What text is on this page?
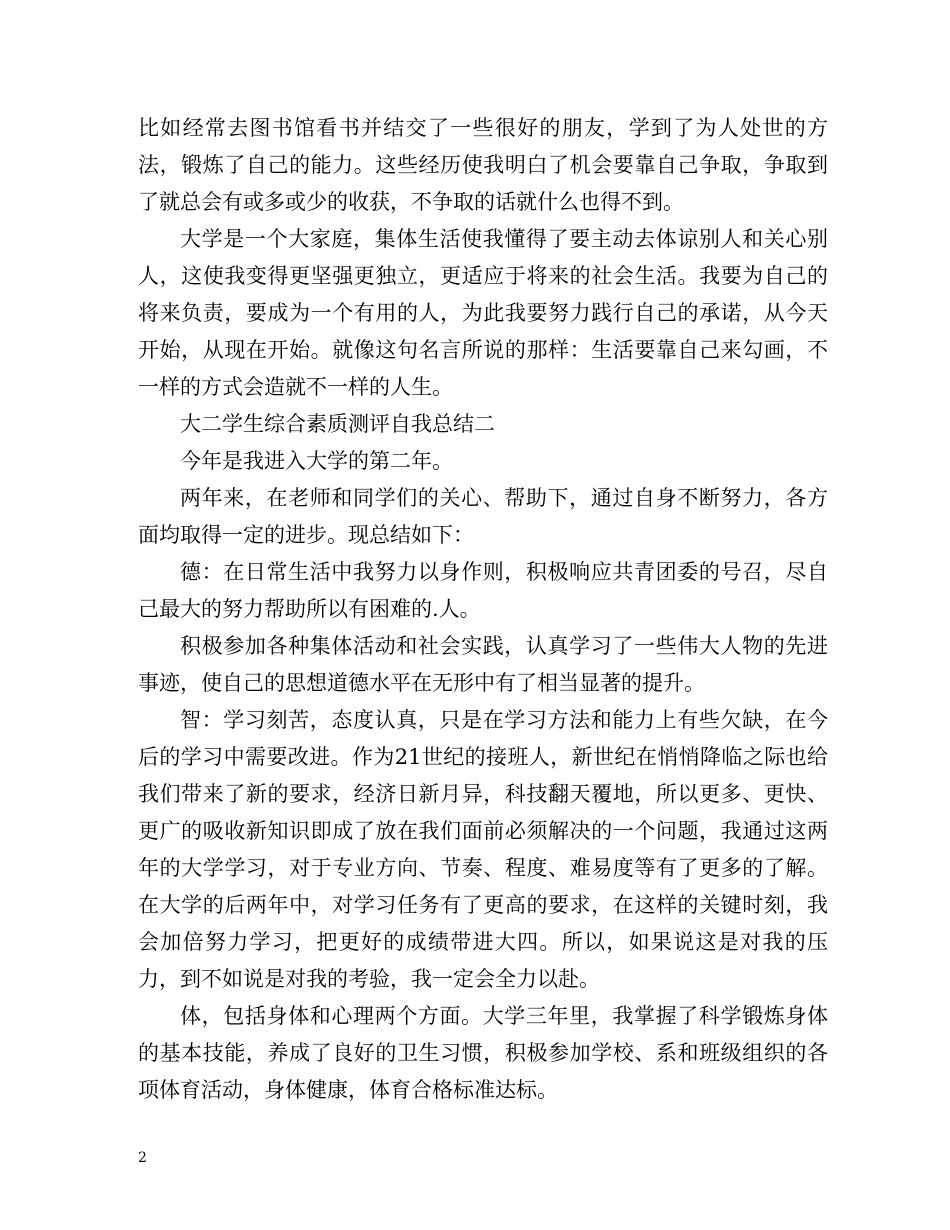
比如经常去图书馆看书并结交了一些很好的朋友，学到了为人处世的方法，锻炼了自己的能力。这些经历使我明白了机会要靠自己争取，争取到了就总会有或多或少的收获，不争取的话就什么也得不到。

大学是一个大家庭，集体生活使我懂得了要主动去体谅别人和关心别人，这使我变得更坚强更独立，更适应于将来的社会生活。我要为自己的将来负责，要成为一个有用的人，为此我要努力践行自己的承诺，从今天开始，从现在开始。就像这句名言所说的那样：生活要靠自己来勾画，不一样的方式会造就不一样的人生。

大二学生综合素质测评自我总结二

今年是我进入大学的第二年。

两年来，在老师和同学们的关心、帮助下，通过自身不断努力，各方面均取得一定的进步。现总结如下：

德：在日常生活中我努力以身作则，积极响应共青团委的号召，尽自己最大的努力帮助所以有困难的.人。

积极参加各种集体活动和社会实践，认真学习了一些伟大人物的先进事迹，使自己的思想道德水平在无形中有了相当显著的提升。

智：学习刻苦，态度认真，只是在学习方法和能力上有些欠缺，在今后的学习中需要改进。作为21世纪的接班人，新世纪在悄悄降临之际也给我们带来了新的要求，经济日新月异，科技翻天覆地，所以更多、更快、更广的吸收新知识即成了放在我们面前必须解决的一个问题，我通过这两年的大学学习，对于专业方向、节奏、程度、难易度等有了更多的了解。在大学的后两年中，对学习任务有了更高的要求，在这样的关键时刻，我会加倍努力学习，把更好的成绩带进大四。所以，如果说这是对我的压力，到不如说是对我的考验，我一定会全力以赴。

体，包括身体和心理两个方面。大学三年里，我掌握了科学锻炼身体的基本技能，养成了良好的卫生习惯，积极参加学校、系和班级组织的各项体育活动，身体健康，体育合格标准达标。

2
